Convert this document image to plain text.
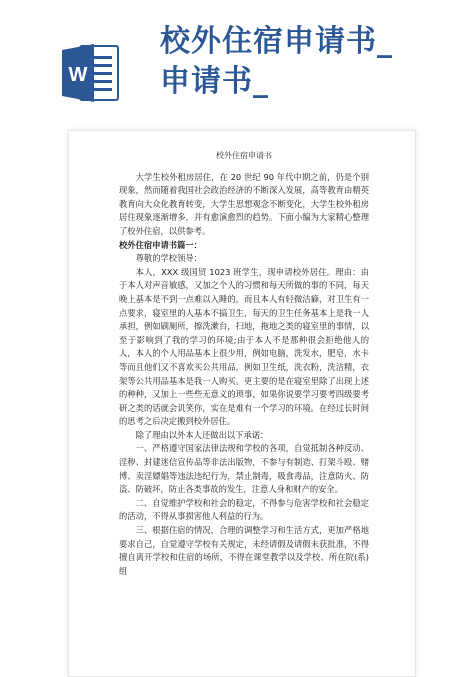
W
校外住宿申请书_
申请书_
校外住宿申请书

大学生校外租房居住，在 20 世纪 90 年代中期之前，仍是个别现象，然而随着我国社会政治经济的不断深入发展，高等教育由精英教育向大众化教育转变，大学生思想观念不断变化，大学生校外租房居住现象逐渐增多，并有愈演愈烈的趋势。下面小编为大家精心整理了校外住宿，以供参考。

校外住宿申请书篇一：

尊敬的学校领导：

本人，XXX 级国贸 1023 班学生，现申请校外居住。理由：由于本人对声音敏感，又加之个人的习惯和每天所做的事的不同，每天晚上基本是不到一点难以入睡的，而且本人有轻微洁癖，对卫生有一点要求，寝室里的人基本不搞卫生，每天的卫生任务基本上是我一人承担，例如刷厕所，擦洗漱台，扫地，拖地之类的寝室里的事情，以至于影响到了我的学习的环境;由于本人不是那种很会拒绝他人的人，本人的个人用品基本上很少用，例如电脑，洗发水，肥皂，水卡等而且他们又不喜欢买公共用品，例如卫生纸，洗衣粉，洗洁精，衣架等公共用品基本是我一人购买。更主要的是在寝室里除了出现上述的种种，又加上一些些无意义的琐事，如果你说要学习要考四级要考研之类的话就会讥笑你，实在是难有一个学习的环境。在经过长时间的思考之后决定搬到校外居住。

除了理由以外本人还做出以下承诺：

一、严格遵守国家法律法规和学校的各项，自觉抵制各种反动、淫秽、封建迷信宣传品等非法出版物，不参与有制造、打架斗殴、赌博、卖淫嫖娼等违法违纪行为，禁止制毒，吸食毒品，注意防火、防盗、防破坏，防止各类事故的发生，注意人身和财产的安全。

二、自觉维护学校和社会的稳定，不得参与危害学校和社会稳定的活动，不得从事损害他人利益的行为。

三、根据住宿的情况，合理的调整学习和生活方式，更加严格地要求自己，自觉遵守学校有关规定，未经请假及请假未获批准，不得擅自离开学校和住宿的场所，不得在课堂教学以及学校、所在院(系)组
